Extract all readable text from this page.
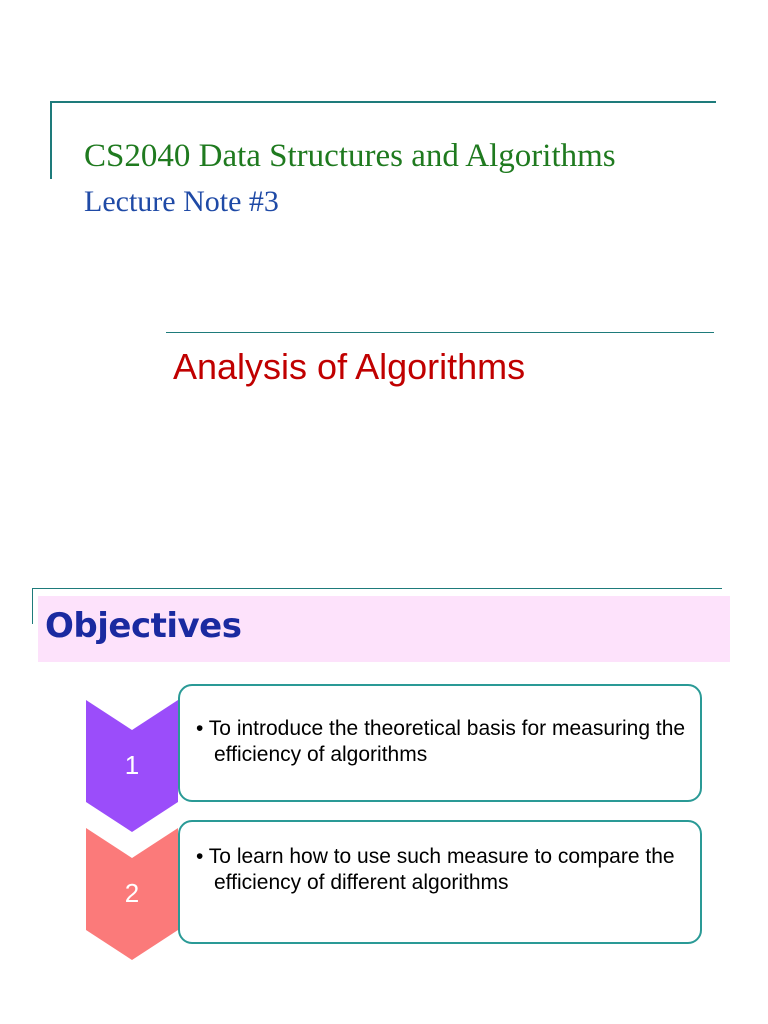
CS2040 Data Structures and Algorithms
Lecture Note #3
Analysis of Algorithms
Objectives
1
• To introduce the theoretical basis for measuring the efficiency of algorithms
2
• To learn how to use such measure to compare the efficiency of different algorithms
